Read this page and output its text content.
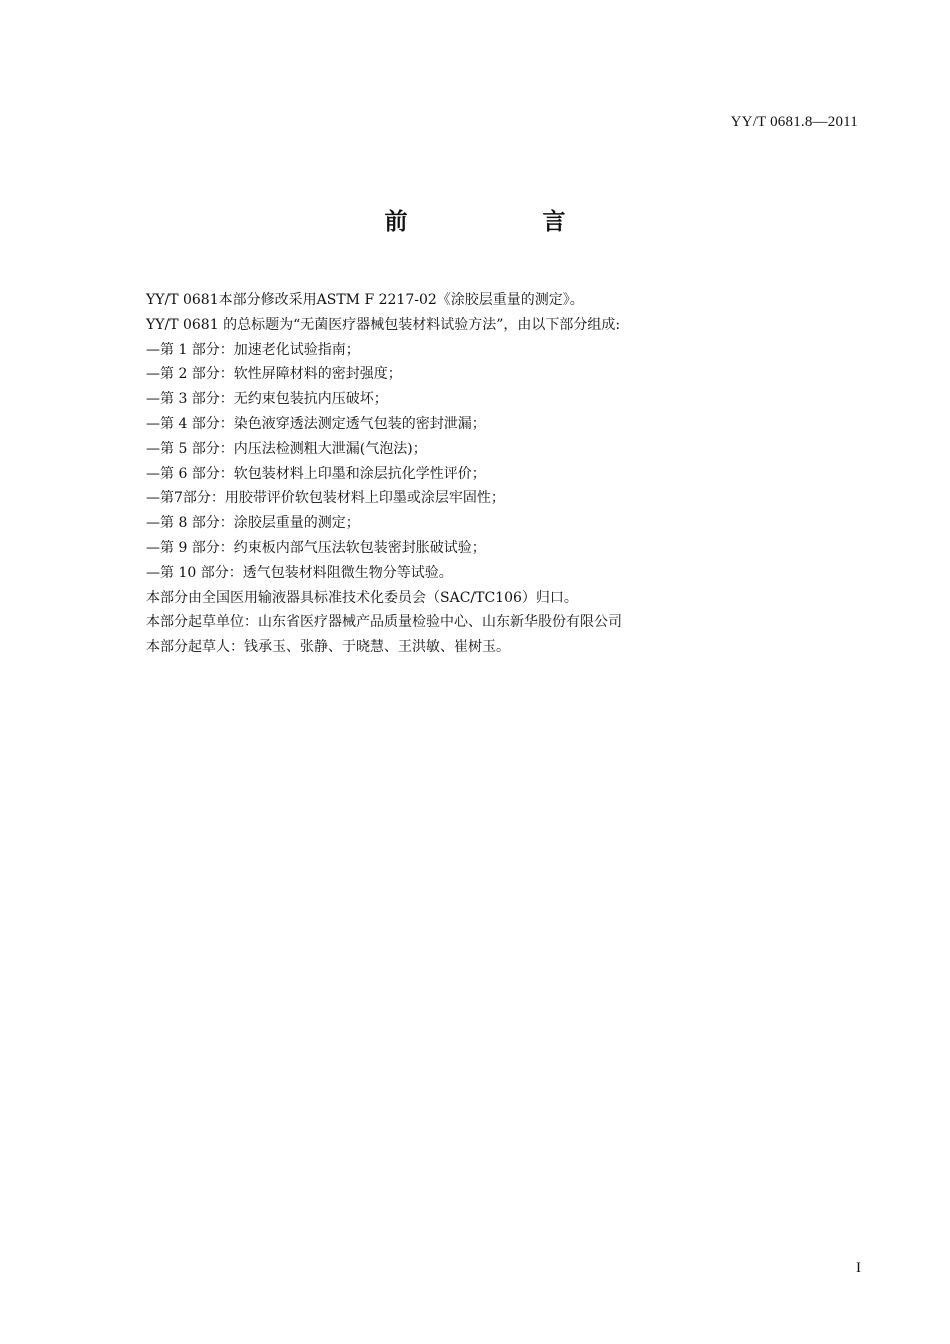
YY/T 0681.8—2011
前　言
YY/T 0681本部分修改采用ASTM F 2217-02《涂胶层重量的测定》。
YY/T 0681 的总标题为“无菌医疗器械包装材料试验方法”，由以下部分组成:
—第 1 部分：加速老化试验指南；
—第 2 部分：软性屏障材料的密封强度；
—第 3 部分：无约束包装抗内压破坏；
—第 4 部分：染色液穿透法测定透气包装的密封泄漏；
—第 5 部分：内压法检测粗大泄漏(气泡法)；
—第 6 部分：软包装材料上印墨和涂层抗化学性评价；
—第7部分：用胶带评价软包装材料上印墨或涂层牢固性；
—第 8 部分：涂胶层重量的测定；
—第 9 部分：约束板内部气压法软包装密封胀破试验；
—第 10 部分：透气包装材料阻微生物分等试验。
本部分由全国医用输液器具标准技术化委员会（SAC/TC106）归口。
本部分起草单位：山东省医疗器械产品质量检验中心、山东新华股份有限公司
本部分起草人：钱承玉、张静、于晓慧、王洪敏、崔树玉。
I
